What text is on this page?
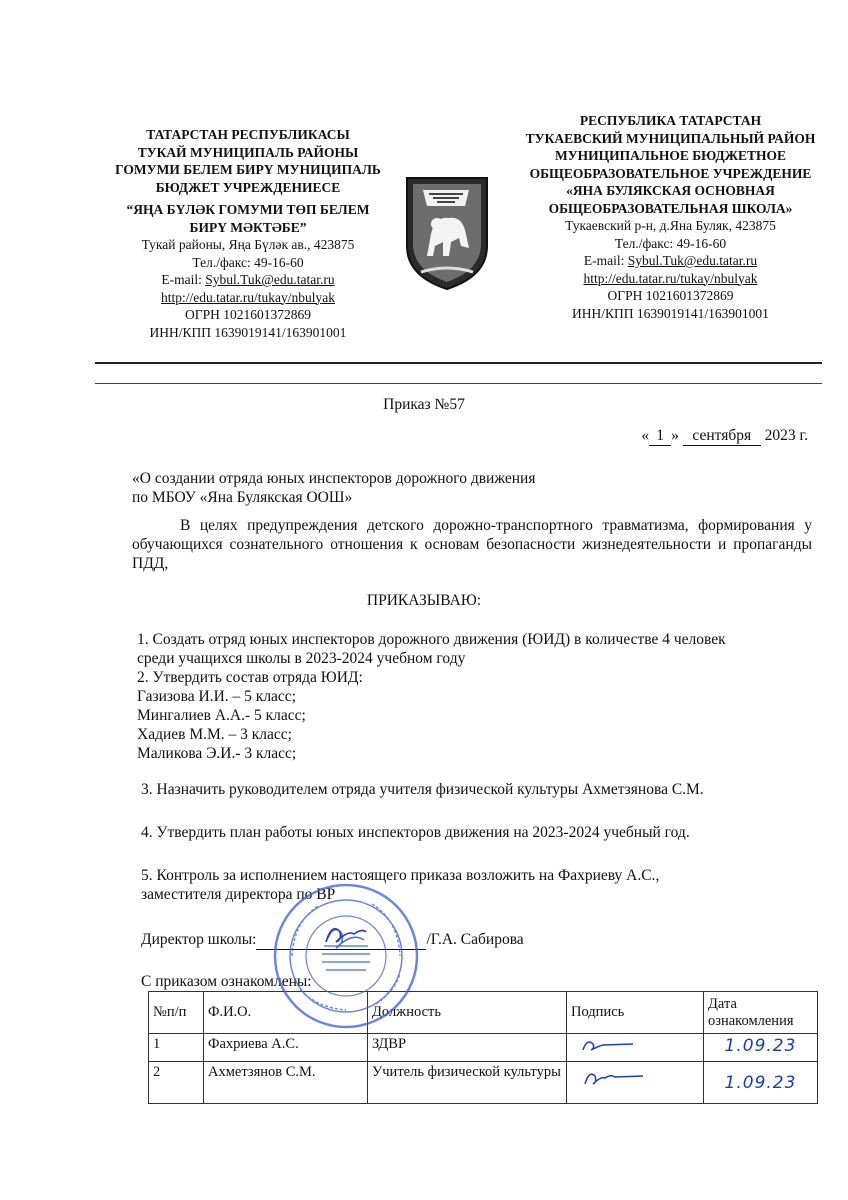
ТАТАРСТАН РЕСПУБЛИКАСЫ
ТУКАЙ МУНИЦИПАЛЬ РАЙОНЫ
ГОМУМИ БЕЛЕМ БИРҮ МУНИЦИПАЛЬ
БЮДЖЕТ УЧРЕЖДЕНИЕСЕ
“ЯҢА БҮЛӘК ГОМУМИ ТӨП БЕЛЕМ
БИРҮ МӘКТӘБЕ”
Тукай районы, Яңа Бүләк ав., 423875
Тел./факс: 49-16-60
E-mail: Sybul.Tuk@edu.tatar.ru
http://edu.tatar.ru/tukay/nbulyak
ОГРН 1021601372869
ИНН/КПП 1639019141/163901001
РЕСПУБЛИКА ТАТАРСТАН
ТУКАЕВСКИЙ МУНИЦИПАЛЬНЫЙ РАЙОН
МУНИЦИПАЛЬНОЕ БЮДЖЕТНОЕ
ОБЩЕОБРАЗОВАТЕЛЬНОЕ УЧРЕЖДЕНИЕ
«ЯНА БУЛЯКСКАЯ ОСНОВНАЯ
ОБЩЕОБРАЗОВАТЕЛЬНАЯ ШКОЛА»
Тукаевский р-н, д.Яна Буляк, 423875
Тел./факс: 49-16-60
E-mail: Sybul.Tuk@edu.tatar.ru
http://edu.tatar.ru/tukay/nbulyak
ОГРН 1021601372869
ИНН/КПП 1639019141/163901001
Приказ №57
« 1 » сентября 2023 г.
«О создании отряда юных инспекторов дорожного движения
по МБОУ «Яна Булякская ООШ»
В целях предупреждения детского дорожно-транспортного травматизма, формирования у обучающихся сознательного отношения к основам безопасности жизнедеятельности и пропаганды ПДД,
ПРИКАЗЫВАЮ:
1. Создать отряд юных инспекторов дорожного движения (ЮИД) в количестве 4 человек
среди учащихся школы в 2023-2024 учебном году
2. Утвердить состав отряда ЮИД:
Газизова И.И. – 5 класс;
Мингалиев А.А.- 5 класс;
Хадиев М.М. – 3 класс;
Маликова Э.И.- 3 класс;
3. Назначить руководителем отряда учителя физической культуры Ахметзянова С.М.
4. Утвердить план работы юных инспекторов движения на 2023-2024 учебный год.
5. Контроль за исполнением настоящего приказа возложить на Фахриеву А.С.,
заместителя директора по ВР
Директор школы:	/Г.А. Сабирова
С приказом ознакомлены:
№п/п	Ф.И.О.	Должность	Подпись	Дата ознакомления
1	Фахриева А.С.	ЗДВР		1.09.23
2	Ахметзянов С.М.	Учитель физической культуры		1.09.23
